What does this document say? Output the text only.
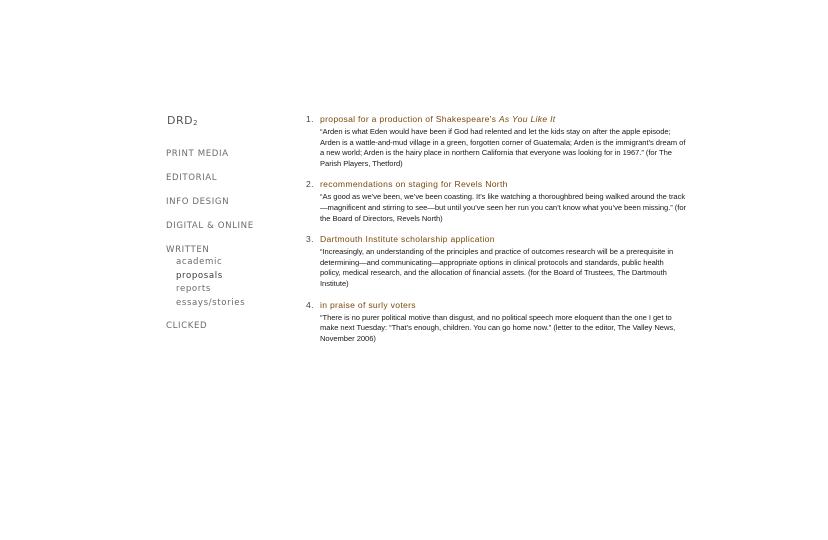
$DRD_2$
PRINT MEDIA
EDITORIAL
INFO DESIGN
DIGITAL & ONLINE
WRITTEN
academic
proposals
reports
essays/stories
CLICKED
1. proposal for a production of Shakespeare's As You Like It
“Arden is what Eden would have been if God had relented and let the kids stay on after the apple episode; Arden is a wattle-and-mud village in a green, forgotten corner of Guatemala; Arden is the immigrant’s dream of a new world; Arden is the hairy place in northern California that everyone was looking for in 1967.” (for The Parish Players, Thetford)
2. recommendations on staging for Revels North
“As good as we’ve been, we’ve been coasting. It’s like watching a thoroughbred being walked around the track—magnificent and stirring to see—but until you’ve seen her run you can’t know what you’ve been missing.” (for the Board of Directors, Revels North)
3. Dartmouth Institute scholarship application
“Increasingly, an understanding of the principles and practice of outcomes research will be a prerequisite in determining—and communicating—appropriate options in clinical protocols and standards, public health policy, medical research, and the allocation of financial assets. (for the Board of Trustees, The Dartmouth Institute)
4. in praise of surly voters
“There is no purer political motive than disgust, and no political speech more eloquent than the one I get to make next Tuesday: “That’s enough, children. You can go home now.” (letter to the editor, The Valley News, November 2006)
